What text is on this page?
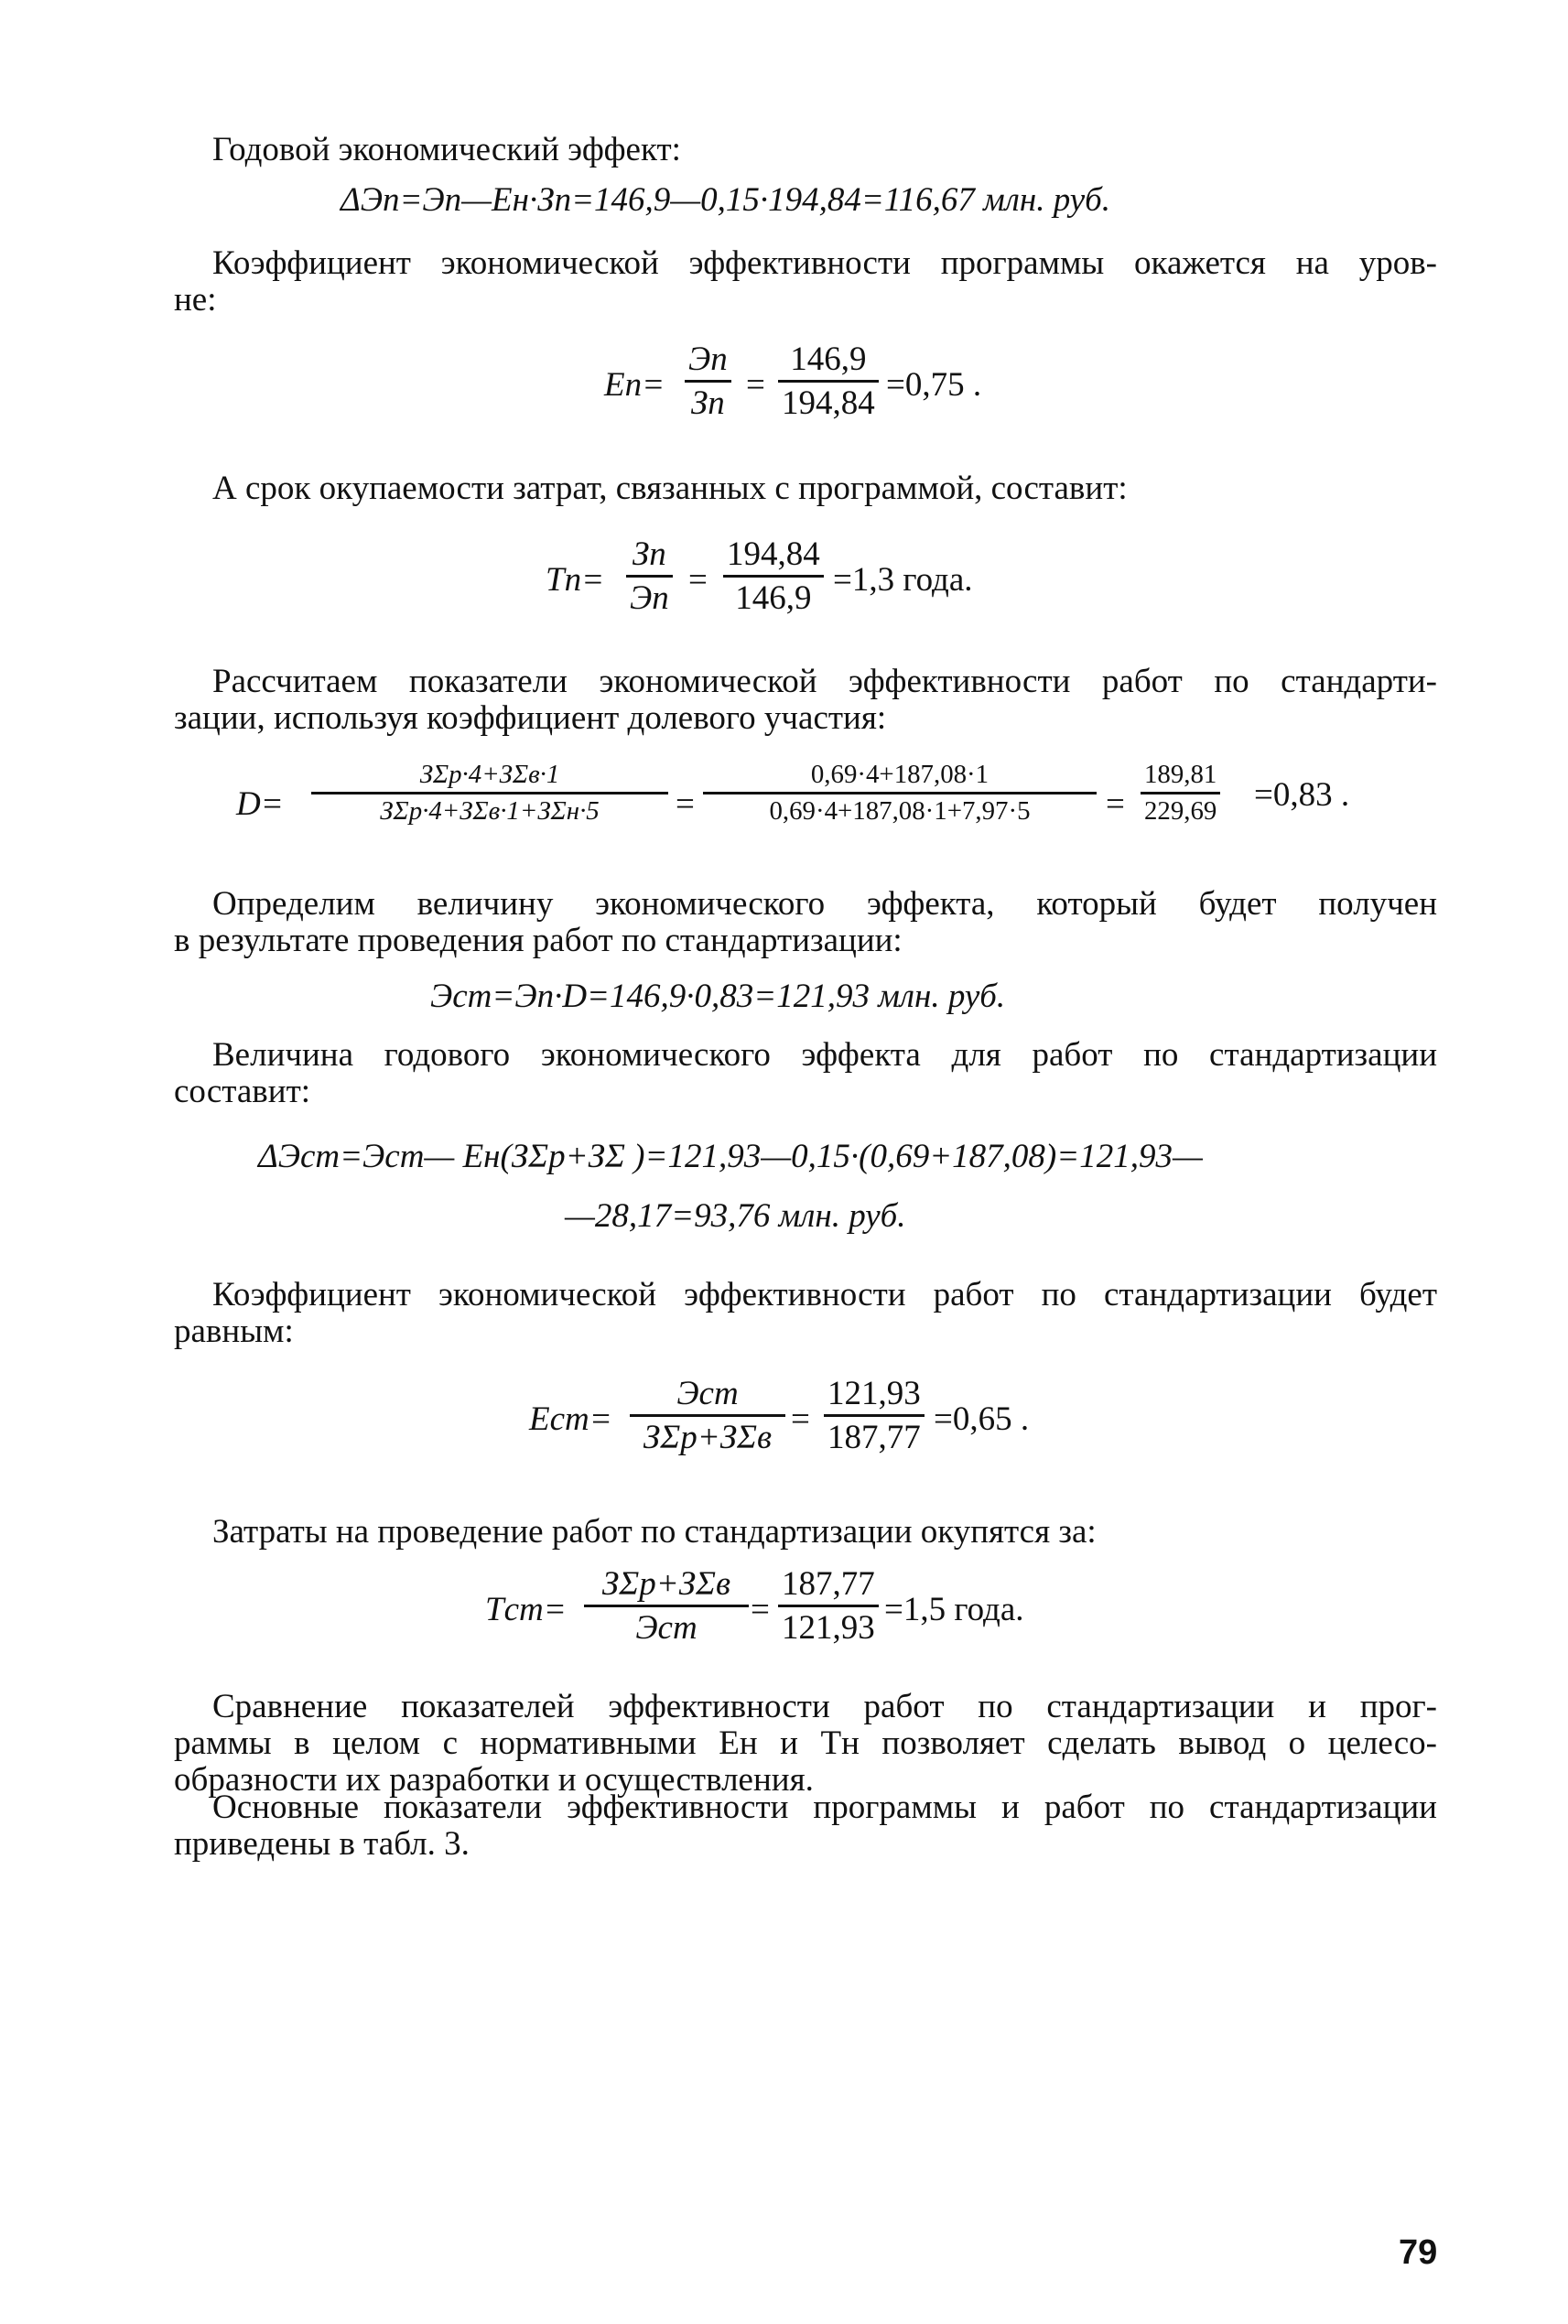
Годовой экономический эффект:
ΔЭп=Эп—Ен·Зп=146,9—0,15·194,84=116,67 млн. руб.
Коэффициент экономической эффективности программы окажется на уров-
не:
Eп=
Эп
Зп = $\frac{146,9}{194,84} =0,75$ .
А срок окупаемости затрат, связанных с программой, составит:
Tп=
Зп
Эп = $\frac{194,84}{146,9} =1,3$ года.
Рассчитаем показатели экономической эффективности работ по стандарти-
зации, используя коэффициент долевого участия:
D=
ЗΣр·4+ЗΣв·1
ЗΣр·4+ЗΣв·1+ЗΣн·5	= $\frac{0,69\cdot 4+187,08\cdot 1}{0,69\cdot 4+187,08\cdot 1+7,97\cdot 5} = \frac{189,81}{229,69} =0,83$ .
Определим величину экономического эффекта, который будет получен
в результате проведения работ по стандартизации:
Эст=Эп·D=146,9·0,83=121,93 млн. руб.
Величина годового экономического эффекта для работ по стандартизации
составит:
ΔЭст=Эст— Eн(ЗΣр+ЗΣ )=121,93—0,15·(0,69+187,08)=121,93—
—28,17=93,76 млн. руб.
Коэффициент экономической эффективности работ по стандартизации будет
равным:
Eст=
Эст
$З\Sigma р+З\Sigma в = \frac{121,93}{187,77} =0,65$ .
Затраты на проведение работ по стандартизации окупятся за:
Tст=
ЗΣр+ЗΣв
Эст	= $\frac{187,77}{121,93} =1,5$ года.
Сравнение показателей эффективности работ по стандартизации и прог-
раммы в целом с нормативными Eн и Tн позволяет сделать вывод о целесо-
образности их разработки и осуществления.
Основные показатели эффективности программы и работ по стандартизации
приведены в табл. 3.
79
